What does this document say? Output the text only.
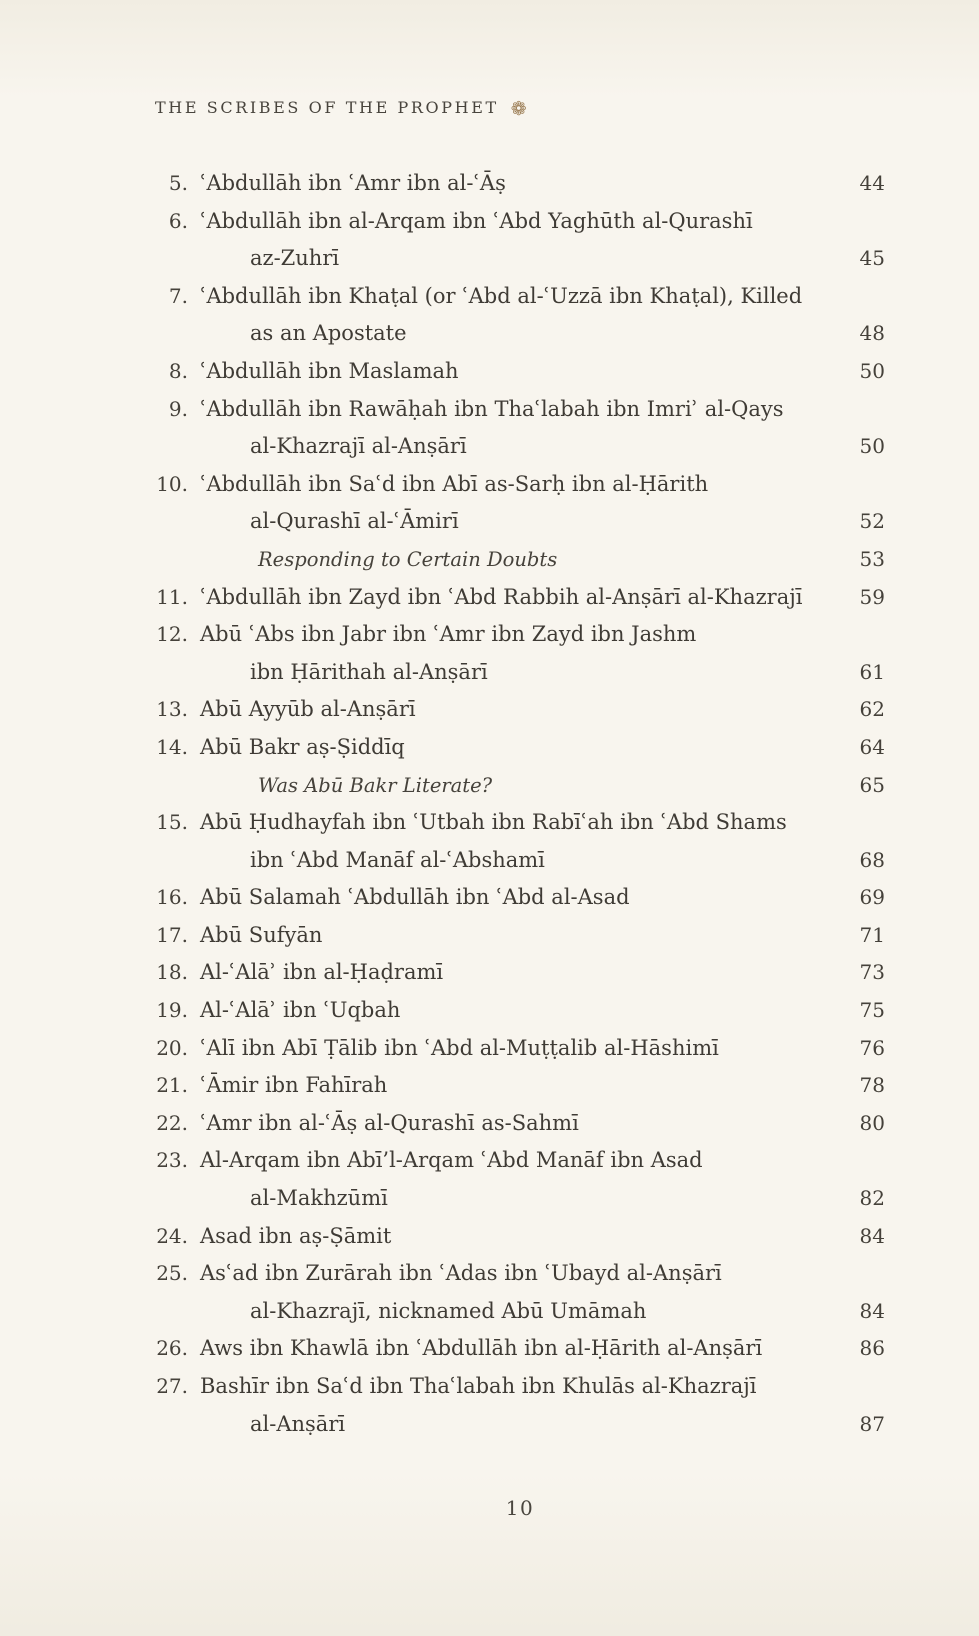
THE SCRIBES OF THE PROPHET ❁
5. ʿAbdullāh ibn ʿAmr ibn al-ʿĀṣ	44
6. ʿAbdullāh ibn al-Arqam ibn ʿAbd Yaghūth al-Qurashī
az-Zuhrī	45
7. ʿAbdullāh ibn Khaṭal (or ʿAbd al-ʿUzzā ibn Khaṭal), Killed
as an Apostate	48
8. ʿAbdullāh ibn Maslamah	50
9. ʿAbdullāh ibn Rawāḥah ibn Thaʿlabah ibn Imriʾ al-Qays
al-Khazrajī al-Anṣārī	50
10. ʿAbdullāh ibn Saʿd ibn Abī as-Sarḥ ibn al-Ḥārith
al-Qurashī al-ʿĀmirī	52
Responding to Certain Doubts	53
11. ʿAbdullāh ibn Zayd ibn ʿAbd Rabbih al-Anṣārī al-Khazrajī	59
12. Abū ʿAbs ibn Jabr ibn ʿAmr ibn Zayd ibn Jashm
ibn Ḥārithah al-Anṣārī	61
13. Abū Ayyūb al-Anṣārī	62
14. Abū Bakr aṣ-Ṣiddīq	64
Was Abū Bakr Literate?	65
15. Abū Ḥudhayfah ibn ʿUtbah ibn Rabīʿah ibn ʿAbd Shams
ibn ʿAbd Manāf al-ʿAbshamī	68
16. Abū Salamah ʿAbdullāh ibn ʿAbd al-Asad	69
17. Abū Sufyān	71
18. Al-ʿAlāʾ ibn al-Ḥaḍramī	73
19. Al-ʿAlāʾ ibn ʿUqbah	75
20. ʿAlī ibn Abī Ṭālib ibn ʿAbd al-Muṭṭalib al-Hāshimī	76
21. ʿĀmir ibn Fahīrah	78
22. ʿAmr ibn al-ʿĀṣ al-Qurashī as-Sahmī	80
23. Al-Arqam ibn Abī’l-Arqam ʿAbd Manāf ibn Asad
al-Makhzūmī	82
24. Asad ibn aṣ-Ṣāmit	84
25. Asʿad ibn Zurārah ibn ʿAdas ibn ʿUbayd al-Anṣārī
al-Khazrajī, nicknamed Abū Umāmah	84
26. Aws ibn Khawlā ibn ʿAbdullāh ibn al-Ḥārith al-Anṣārī	86
27. Bashīr ibn Saʿd ibn Thaʿlabah ibn Khulās al-Khazrajī
al-Anṣārī	87
10
